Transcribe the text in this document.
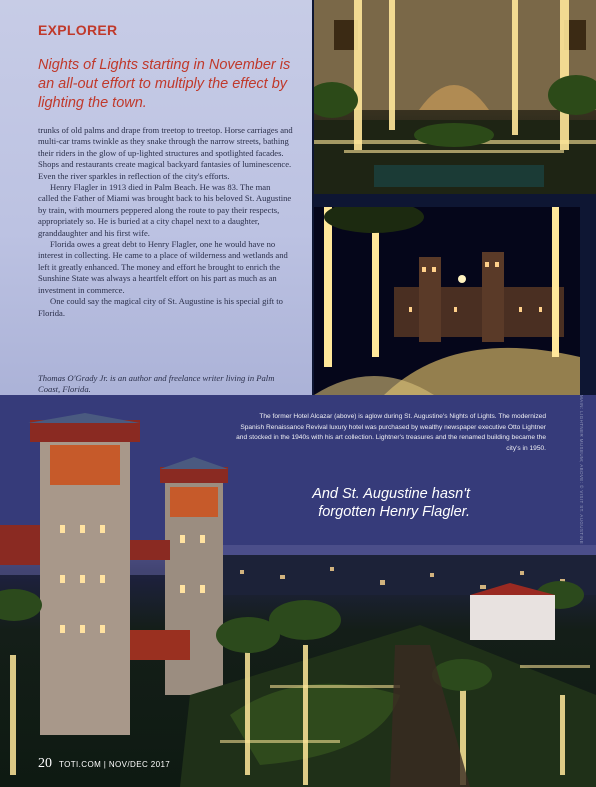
EXPLORER
Nights of Lights starting in November is an all-out effort to multiply the effect by lighting the town.

trunks of old palms and drape from treetop to treetop. Horse carriages and multi-car trams twinkle as they snake through the narrow streets, bathing their riders in the glow of up-lighted structures and spotlighted facades. Shops and restaurants create magical backyard fantasies of luminescence. Even the river sparkles in reflection of the city's efforts.

Henry Flagler in 1913 died in Palm Beach. He was 83. The man called the Father of Miami was brought back to his beloved St. Augustine by train, with mourners peppered along the route to pay their respects, appropriately so. He is buried at a city chapel next to a daughter, granddaughter and his first wife.

Florida owes a great debt to Henry Flagler, one he would have no interest in collecting. He came to a place of wilderness and wetlands and left it greatly enhanced. The money and effort he brought to enrich the Sunshine State was always a heartfelt effort on his part as much as an investment in commerce.

One could say the magical city of St. Augustine is his special gift to Florida.

Thomas O'Grady Jr. is an author and freelance writer living in Palm Coast, Florida.
The former Hotel Alcazar (above) is aglow during St. Augustine's Nights of Lights. The modernized Spanish Renaissance Revival luxury hotel was purchased by wealthy newspaper executive Otto Lightner and stocked in the 1940s with his art collection. Lightner's treasures and the renamed building became the city's in 1950.
And St. Augustine hasn't forgotten Henry Flagler.	MAIN: LIGHTNER MUSEUM; ABOVE: © VISIT ST. AUGUSTINE
20 TOTI.COM | NOV/DEC 2017
